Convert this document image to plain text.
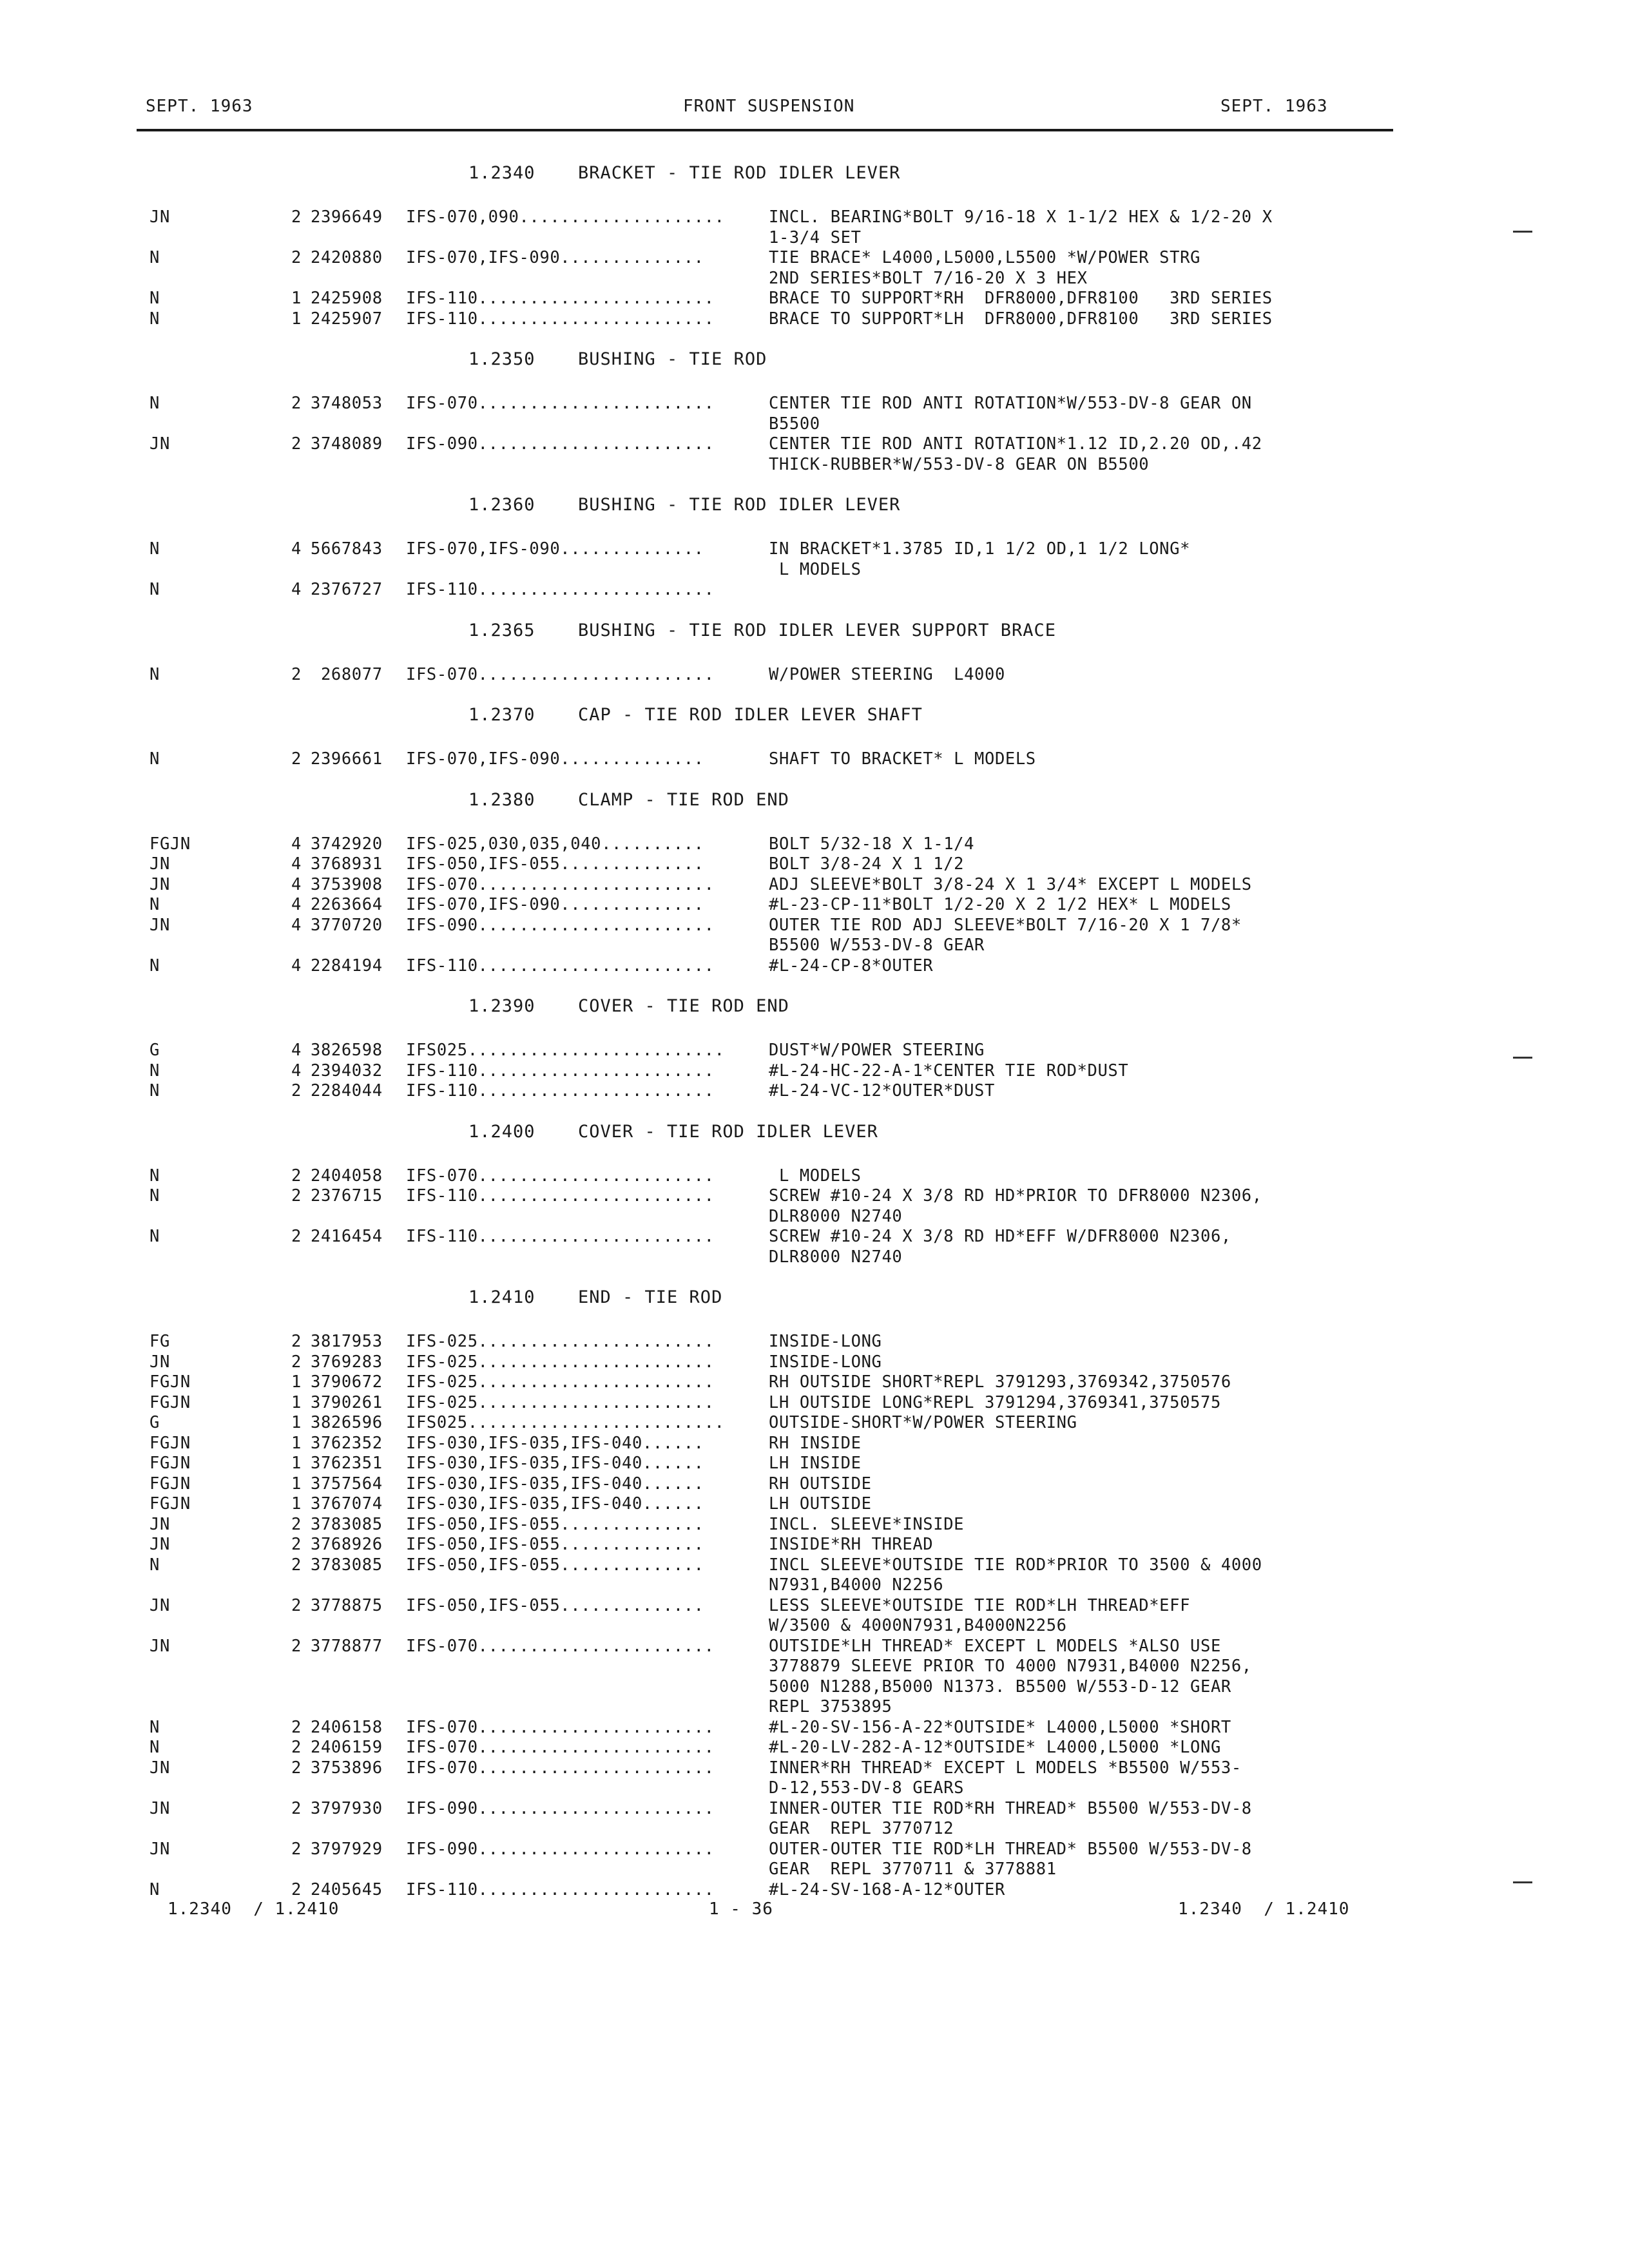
SEPT. 1963	FRONT SUSPENSION	SEPT. 1963
1.2340 BRACKET - TIE ROD IDLER LEVER
JN	2 2396649	IFS-070,090....................	INCL. BEARING*BOLT 9/16-18 X 1-1/2 HEX & 1/2-20 X
1-3/4 SET
N	2 2420880	IFS-070,IFS-090..............	TIE BRACE* L4000,L5000,L5500 *W/POWER STRG
2ND SERIES*BOLT 7/16-20 X 3 HEX
N	1 2425908	IFS-110.......................	BRACE TO SUPPORT*RH  DFR8000,DFR8100   3RD SERIES
N	1 2425907	IFS-110.......................	BRACE TO SUPPORT*LH  DFR8000,DFR8100   3RD SERIES
1.2350 BUSHING - TIE ROD
N	2 3748053	IFS-070.......................	CENTER TIE ROD ANTI ROTATION*W/553-DV-8 GEAR ON
B5500
JN	2 3748089	IFS-090.......................	CENTER TIE ROD ANTI ROTATION*1.12 ID,2.20 OD,.42
THICK-RUBBER*W/553-DV-8 GEAR ON B5500
1.2360 BUSHING - TIE ROD IDLER LEVER
N	4 5667843	IFS-070,IFS-090..............	IN BRACKET*1.3785 ID,1 1/2 OD,1 1/2 LONG*
L MODELS
N	4 2376727	IFS-110.......................
1.2365 BUSHING - TIE ROD IDLER LEVER SUPPORT BRACE
N	2 268077	IFS-070.......................	W/POWER STEERING  L4000
1.2370 CAP - TIE ROD IDLER LEVER SHAFT
N	2 2396661	IFS-070,IFS-090..............	SHAFT TO BRACKET* L MODELS
1.2380 CLAMP - TIE ROD END
FGJN	4 3742920	IFS-025,030,035,040..........	BOLT 5/32-18 X 1-1/4
JN	4 3768931	IFS-050,IFS-055..............	BOLT 3/8-24 X 1 1/2
JN	4 3753908	IFS-070.......................	ADJ SLEEVE*BOLT 3/8-24 X 1 3/4* EXCEPT L MODELS
N	4 2263664	IFS-070,IFS-090..............	#L-23-CP-11*BOLT 1/2-20 X 2 1/2 HEX* L MODELS
JN	4 3770720	IFS-090.......................	OUTER TIE ROD ADJ SLEEVE*BOLT 7/16-20 X 1 7/8*
B5500 W/553-DV-8 GEAR
N	4 2284194	IFS-110.......................	#L-24-CP-8*OUTER
1.2390 COVER - TIE ROD END
G	4 3826598	IFS025.........................	DUST*W/POWER STEERING
N	4 2394032	IFS-110.......................	#L-24-HC-22-A-1*CENTER TIE ROD*DUST
N	2 2284044	IFS-110.......................	#L-24-VC-12*OUTER*DUST
1.2400 COVER - TIE ROD IDLER LEVER
N	2 2404058	IFS-070.......................	L MODELS
N	2 2376715	IFS-110.......................	SCREW #10-24 X 3/8 RD HD*PRIOR TO DFR8000 N2306,
DLR8000 N2740
N	2 2416454	IFS-110.......................	SCREW #10-24 X 3/8 RD HD*EFF W/DFR8000 N2306,
DLR8000 N2740
1.2410 END - TIE ROD
FG	2 3817953	IFS-025.......................	INSIDE-LONG
JN	2 3769283	IFS-025.......................	INSIDE-LONG
FGJN	1 3790672	IFS-025.......................	RH OUTSIDE SHORT*REPL 3791293,3769342,3750576
FGJN	1 3790261	IFS-025.......................	LH OUTSIDE LONG*REPL 3791294,3769341,3750575
G	1 3826596	IFS025.........................	OUTSIDE-SHORT*W/POWER STEERING
FGJN	1 3762352	IFS-030,IFS-035,IFS-040......	RH INSIDE
FGJN	1 3762351	IFS-030,IFS-035,IFS-040......	LH INSIDE
FGJN	1 3757564	IFS-030,IFS-035,IFS-040......	RH OUTSIDE
FGJN	1 3767074	IFS-030,IFS-035,IFS-040......	LH OUTSIDE
JN	2 3783085	IFS-050,IFS-055..............	INCL. SLEEVE*INSIDE
JN	2 3768926	IFS-050,IFS-055..............	INSIDE*RH THREAD
N	2 3783085	IFS-050,IFS-055..............	INCL SLEEVE*OUTSIDE TIE ROD*PRIOR TO 3500 & 4000
N7931,B4000 N2256
JN	2 3778875	IFS-050,IFS-055..............	LESS SLEEVE*OUTSIDE TIE ROD*LH THREAD*EFF
W/3500 & 4000N7931,B4000N2256
JN	2 3778877	IFS-070.......................	OUTSIDE*LH THREAD* EXCEPT L MODELS *ALSO USE
3778879 SLEEVE PRIOR TO 4000 N7931,B4000 N2256,
5000 N1288,B5000 N1373. B5500 W/553-D-12 GEAR
REPL 3753895
N	2 2406158	IFS-070.......................	#L-20-SV-156-A-22*OUTSIDE* L4000,L5000 *SHORT
N	2 2406159	IFS-070.......................	#L-20-LV-282-A-12*OUTSIDE* L4000,L5000 *LONG
JN	2 3753896	IFS-070.......................	INNER*RH THREAD* EXCEPT L MODELS *B5500 W/553-
D-12,553-DV-8 GEARS
JN	2 3797930	IFS-090.......................	INNER-OUTER TIE ROD*RH THREAD* B5500 W/553-DV-8
GEAR  REPL 3770712
JN	2 3797929	IFS-090.......................	OUTER-OUTER TIE ROD*LH THREAD* B5500 W/553-DV-8
GEAR  REPL 3770711 & 3778881
N	2 2405645	IFS-110.......................	#L-24-SV-168-A-12*OUTER
1.2340  / 1.2410	1 - 36	1.2340  / 1.2410
